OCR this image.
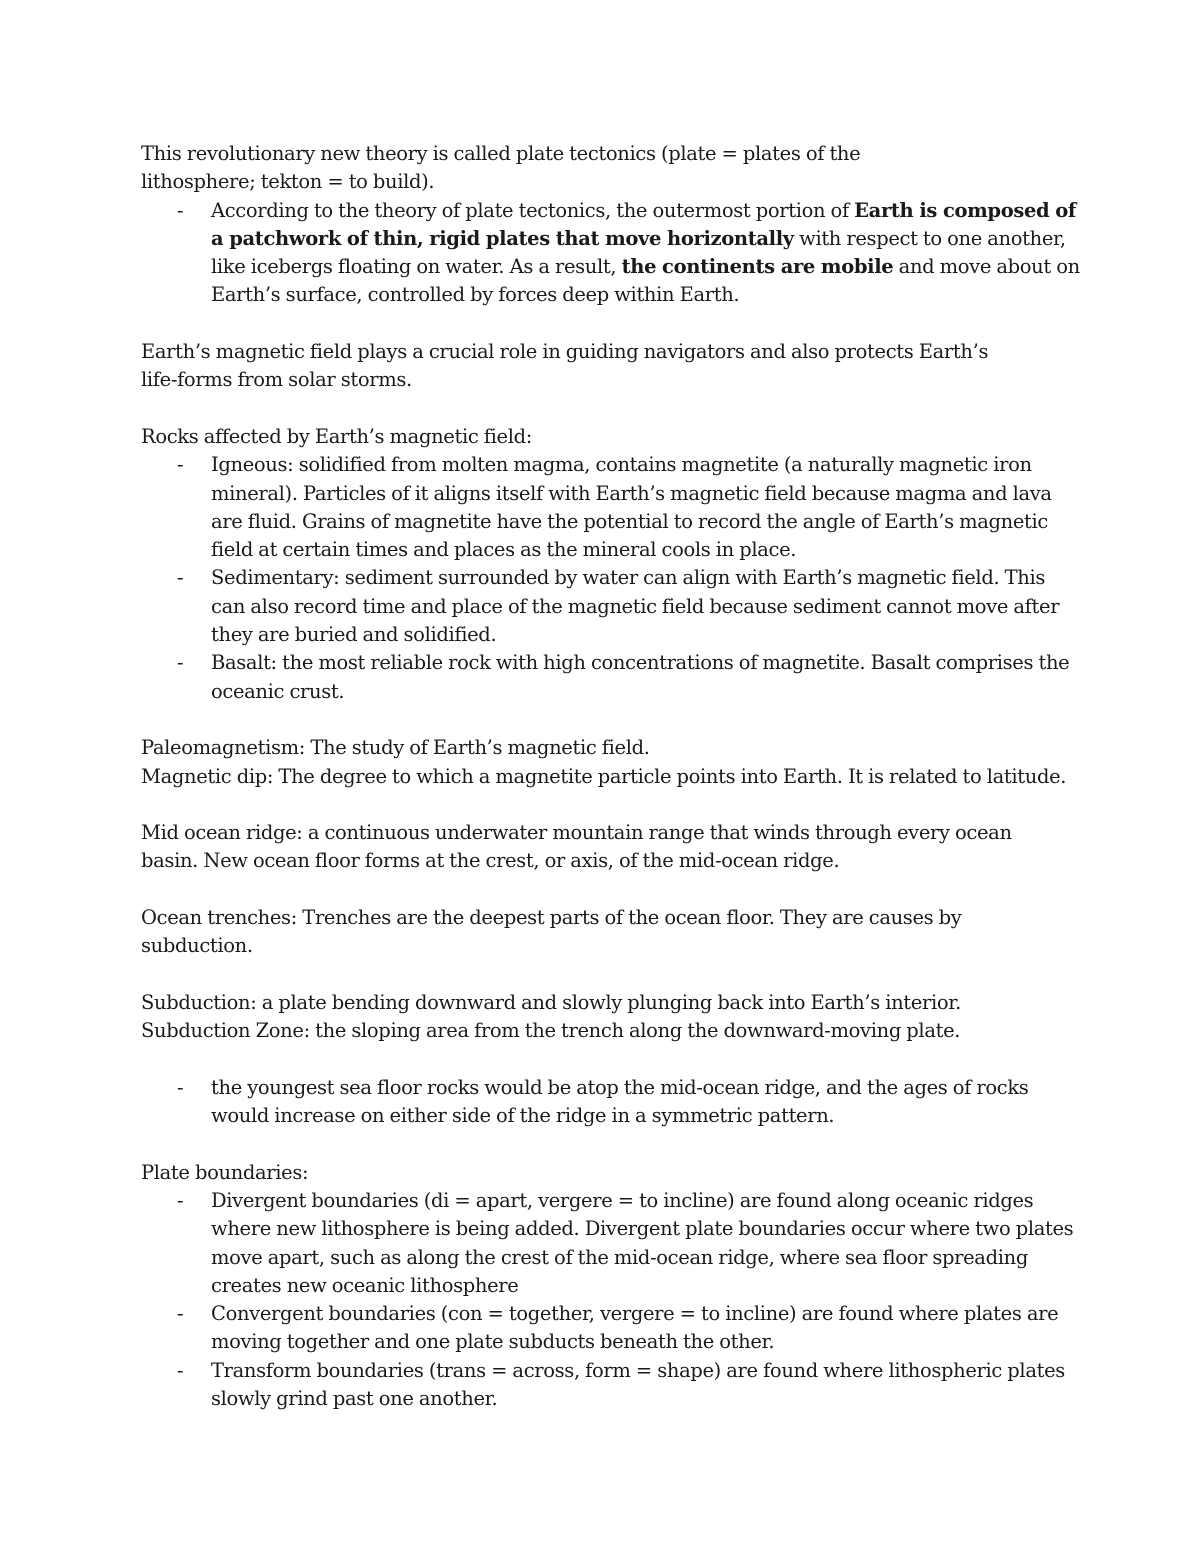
This revolutionary new theory is called plate tectonics (plate = plates of the
lithosphere; tekton = to build).

- According to the theory of plate tectonics, the outermost portion of Earth is composed of a patchwork of thin, rigid plates that move horizontally with respect to one another, like icebergs floating on water. As a result, the continents are mobile and move about on Earth’s surface, controlled by forces deep within Earth.

Earth’s magnetic field plays a crucial role in guiding navigators and also protects Earth’s
life-forms from solar storms.

Rocks affected by Earth’s magnetic field:

- Igneous: solidified from molten magma, contains magnetite (a naturally magnetic iron mineral). Particles of it aligns itself with Earth’s magnetic field because magma and lava are fluid. Grains of magnetite have the potential to record the angle of Earth’s magnetic field at certain times and places as the mineral cools in place.
- Sedimentary: sediment surrounded by water can align with Earth’s magnetic field. This can also record time and place of the magnetic field because sediment cannot move after they are buried and solidified.
- Basalt: the most reliable rock with high concentrations of magnetite. Basalt comprises the oceanic crust.

Paleomagnetism: The study of Earth’s magnetic field.

Magnetic dip: The degree to which a magnetite particle points into Earth. It is related to latitude.

Mid ocean ridge: a continuous underwater mountain range that winds through every ocean
basin. New ocean floor forms at the crest, or axis, of the mid-ocean ridge.

Ocean trenches: Trenches are the deepest parts of the ocean floor. They are causes by
subduction.

Subduction: a plate bending downward and slowly plunging back into Earth’s interior.

Subduction Zone: the sloping area from the trench along the downward-moving plate.

- the youngest sea floor rocks would be atop the mid-ocean ridge, and the ages of rocks would increase on either side of the ridge in a symmetric pattern.

Plate boundaries:

- Divergent boundaries (di = apart, vergere = to incline) are found along oceanic ridges where new lithosphere is being added. Divergent plate boundaries occur where two plates move apart, such as along the crest of the mid-ocean ridge, where sea floor spreading creates new oceanic lithosphere
- Convergent boundaries (con = together, vergere = to incline) are found where plates are moving together and one plate subducts beneath the other.
- Transform boundaries (trans = across, form = shape) are found where lithospheric plates slowly grind past one another.
